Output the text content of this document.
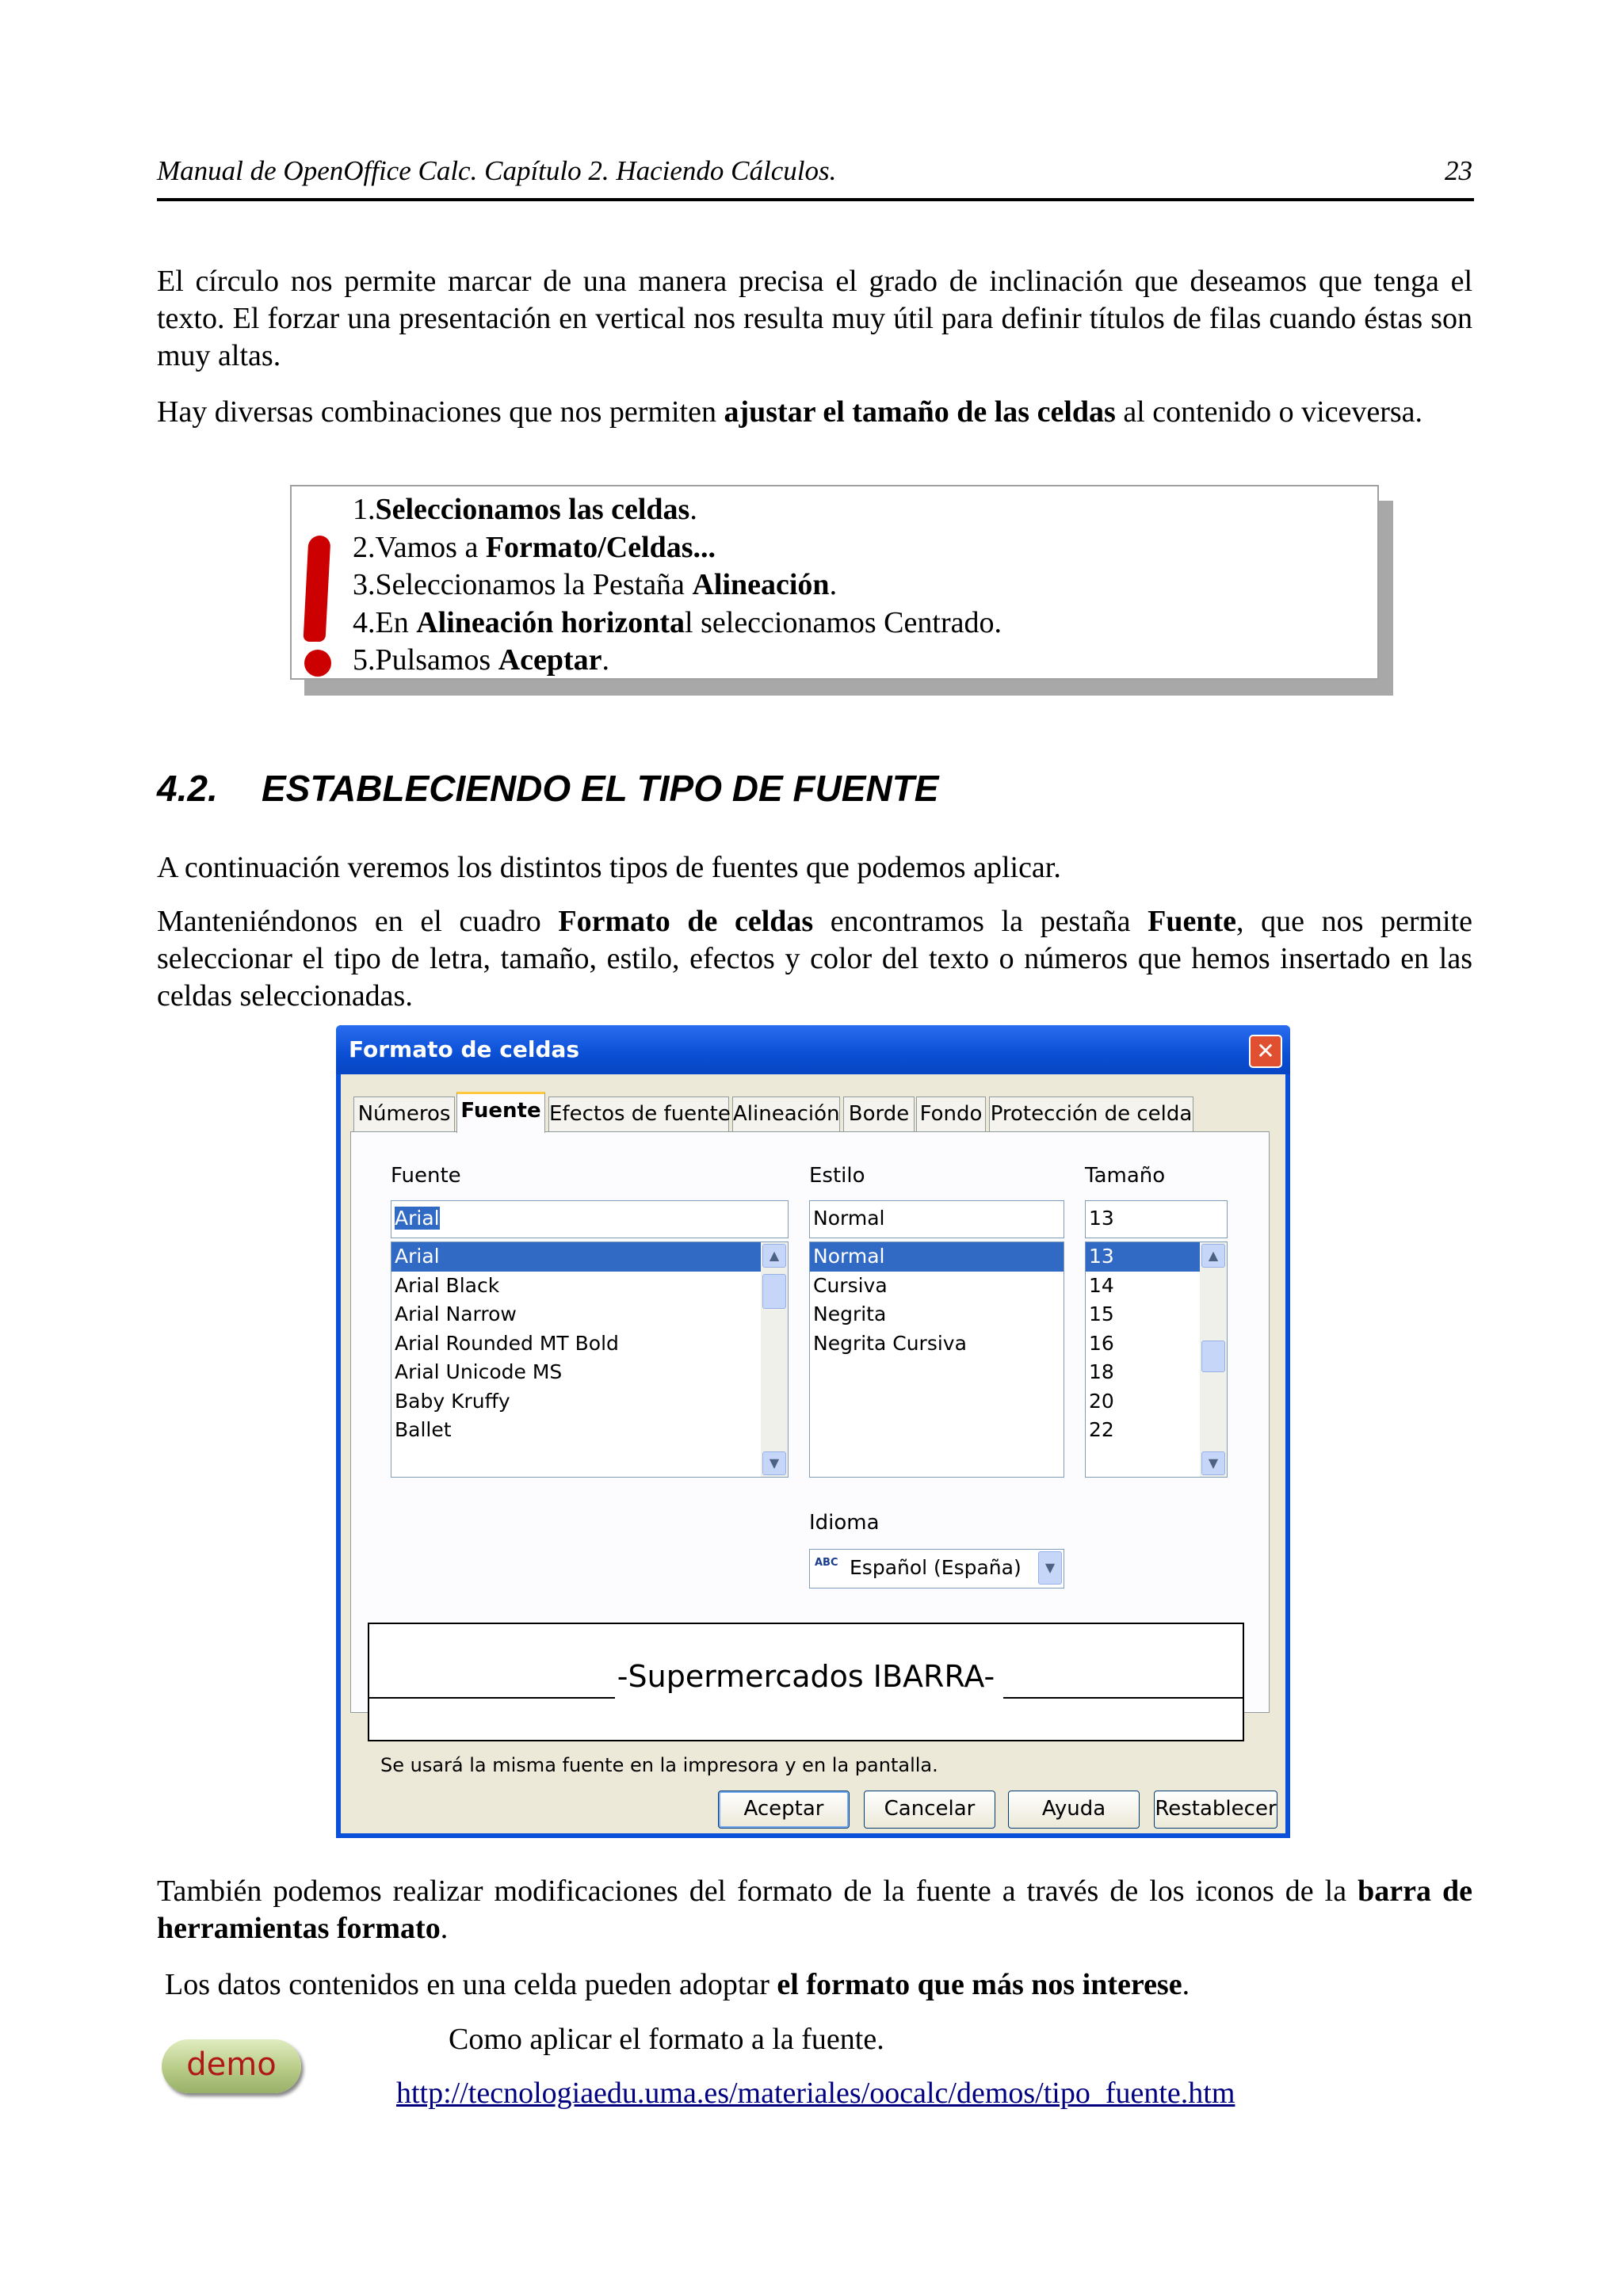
Manual de OpenOffice Calc. Capítulo 2. Haciendo Cálculos.	23
El círculo nos permite marcar de una manera precisa el grado de inclinación que deseamos que tenga el texto. El forzar una presentación en vertical nos resulta muy útil para definir títulos de filas cuando éstas son muy altas.
Hay diversas combinaciones que nos permiten ajustar el tamaño de las celdas al contenido o viceversa.
1.Seleccionamos las celdas.
2.Vamos a Formato/Celdas...
3.Seleccionamos la Pestaña Alineación.
4.En Alineación horizontal seleccionamos Centrado.
5.Pulsamos Aceptar.
4.2. ESTABLECIENDO EL TIPO DE FUENTE
A continuación veremos los distintos tipos de fuentes que podemos aplicar.
Manteniéndonos en el cuadro Formato de celdas encontramos la pestaña Fuente, que nos permite seleccionar el tipo de letra, tamaño, estilo, efectos y color del texto o números que hemos insertado en las celdas seleccionadas.
Formato de celdas	✕
Números Fuente Efectos de fuente Alineación Borde Fondo Protección de celda
Fuente
Arial
Arial
Arial Black
Arial Narrow
Arial Rounded MT Bold
Arial Unicode MS
Baby Kruffy
Ballet
▲
▼
Estilo
Normal
Normal
Cursiva
Negrita
Negrita Cursiva
Tamaño
13
13
14
15
16
18
20
22
▲
▼
Idioma
ABC Español (España)	▼
-Supermercados IBARRA-
Se usará la misma fuente en la impresora y en la pantalla.
Aceptar	Cancelar	Ayuda	Restablecer
También podemos realizar modificaciones del formato de la fuente a través de los iconos de la barra de herramientas formato.
Los datos contenidos en una celda pueden adoptar el formato que más nos interese.
demo
Como aplicar el formato a la fuente.
http://tecnologiaedu.uma.es/materiales/oocalc/demos/tipo_fuente.htm
